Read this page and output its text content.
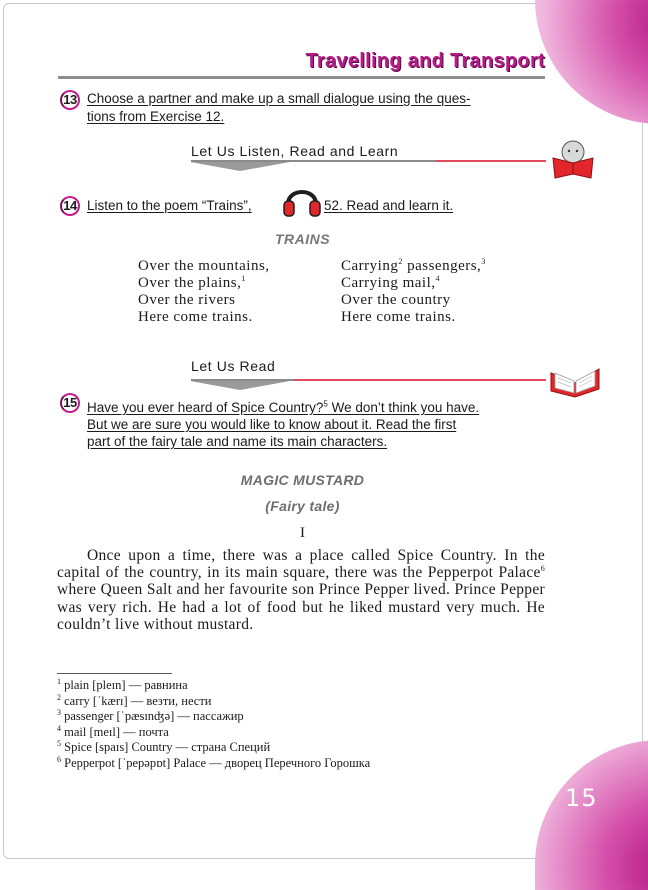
15
Travelling and Transport
13 Choose a partner and make up a small dialogue using the ques-
tions from Exercise 12.
Let Us Listen, Read and Learn
14 Listen to the poem “Trains”,	52. Read and learn it.
TRAINS
Over the mountains,
Over the plains,$^1$
Over the rivers
Here come trains.
Carrying$^2$ passengers,$^3$
Carrying mail,$^4$
Over the country
Here come trains.
Let Us Read
15 Have you ever heard of Spice Country?$^5$ We don’t think you have.
But we are sure you would like to know about it. Read the first
part of the fairy tale and name its main characters.
MAGIC MUSTARD
(Fairy tale)
I
Once upon a time, there was a place called Spice Country. In the capital of the country, in its main square, there was the Pepperpot Palace$^6$ where Queen Salt and her favourite son Prince Pepper lived. Prince Pepper was very rich. He had a lot of food but he liked mustard very much. He couldn’t live without mustard.
$^1$ plain [pleɪn] — равнина
$^2$ carry [ˈkærɪ] — везти, нести
$^3$ passenger [ˈpæsɪnʤə] — пассажир
$^4$ mail [meɪl] — почта
$^5$ Spice [spaɪs] Country — страна Специй
$^6$ Pepperpot [ˈpepəpɒt] Palace — дворец Перечного Горошка
